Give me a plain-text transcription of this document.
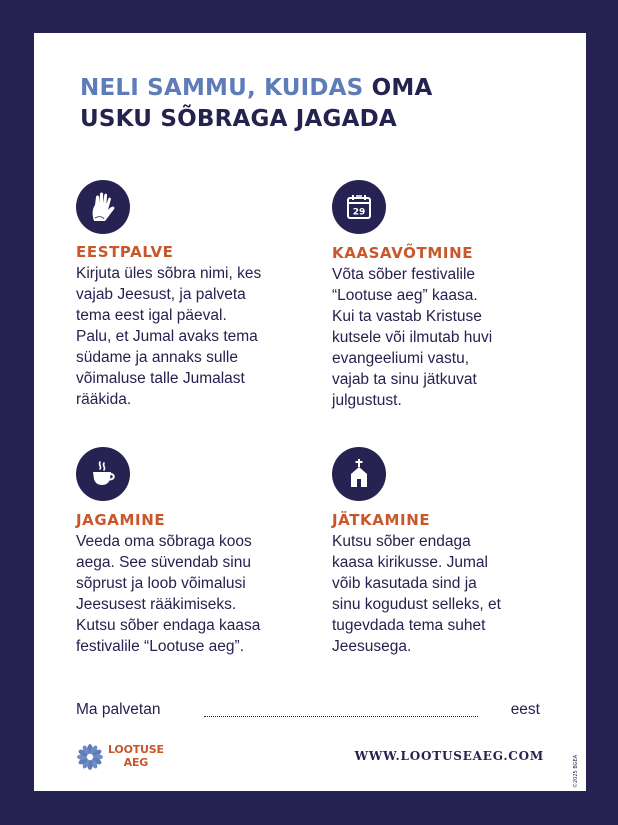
NELI SAMMU, KUIDAS OMA
USKU SÕBRAGA JAGADA
EESTPALVE

Kirjuta üles sõbra nimi, kes
vajab Jeesust, ja palveta
tema eest igal päeval.
Palu, et Jumal avaks tema
südame ja annaks sulle
võimaluse talle Jumalast
rääkida.

29
KAASAVÕTMINE

Võta sõber festivalile
“Lootuse aeg” kaasa.
Kui ta vastab Kristuse
kutsele või ilmutab huvi
evangeeliumi vastu,
vajab ta sinu jätkuvat
julgustust.

JAGAMINE

Veeda oma sõbraga koos
aega. See süvendab sinu
sõprust ja loob võimalusi
Jeesusest rääkimiseks.
Kutsu sõber endaga kaasa
festivalile “Lootuse aeg”.

JÄTKAMINE

Kutsu sõber endaga
kaasa kirikusse. Jumal
võib kasutada sind ja
sinu kogudust selleks, et
tugevdada tema suhet
Jeesusega.

Ma palvetan	eest
LOOTUSE
AEG	WWW.LOOTUSEAEG.COM	©2025 BGEA
